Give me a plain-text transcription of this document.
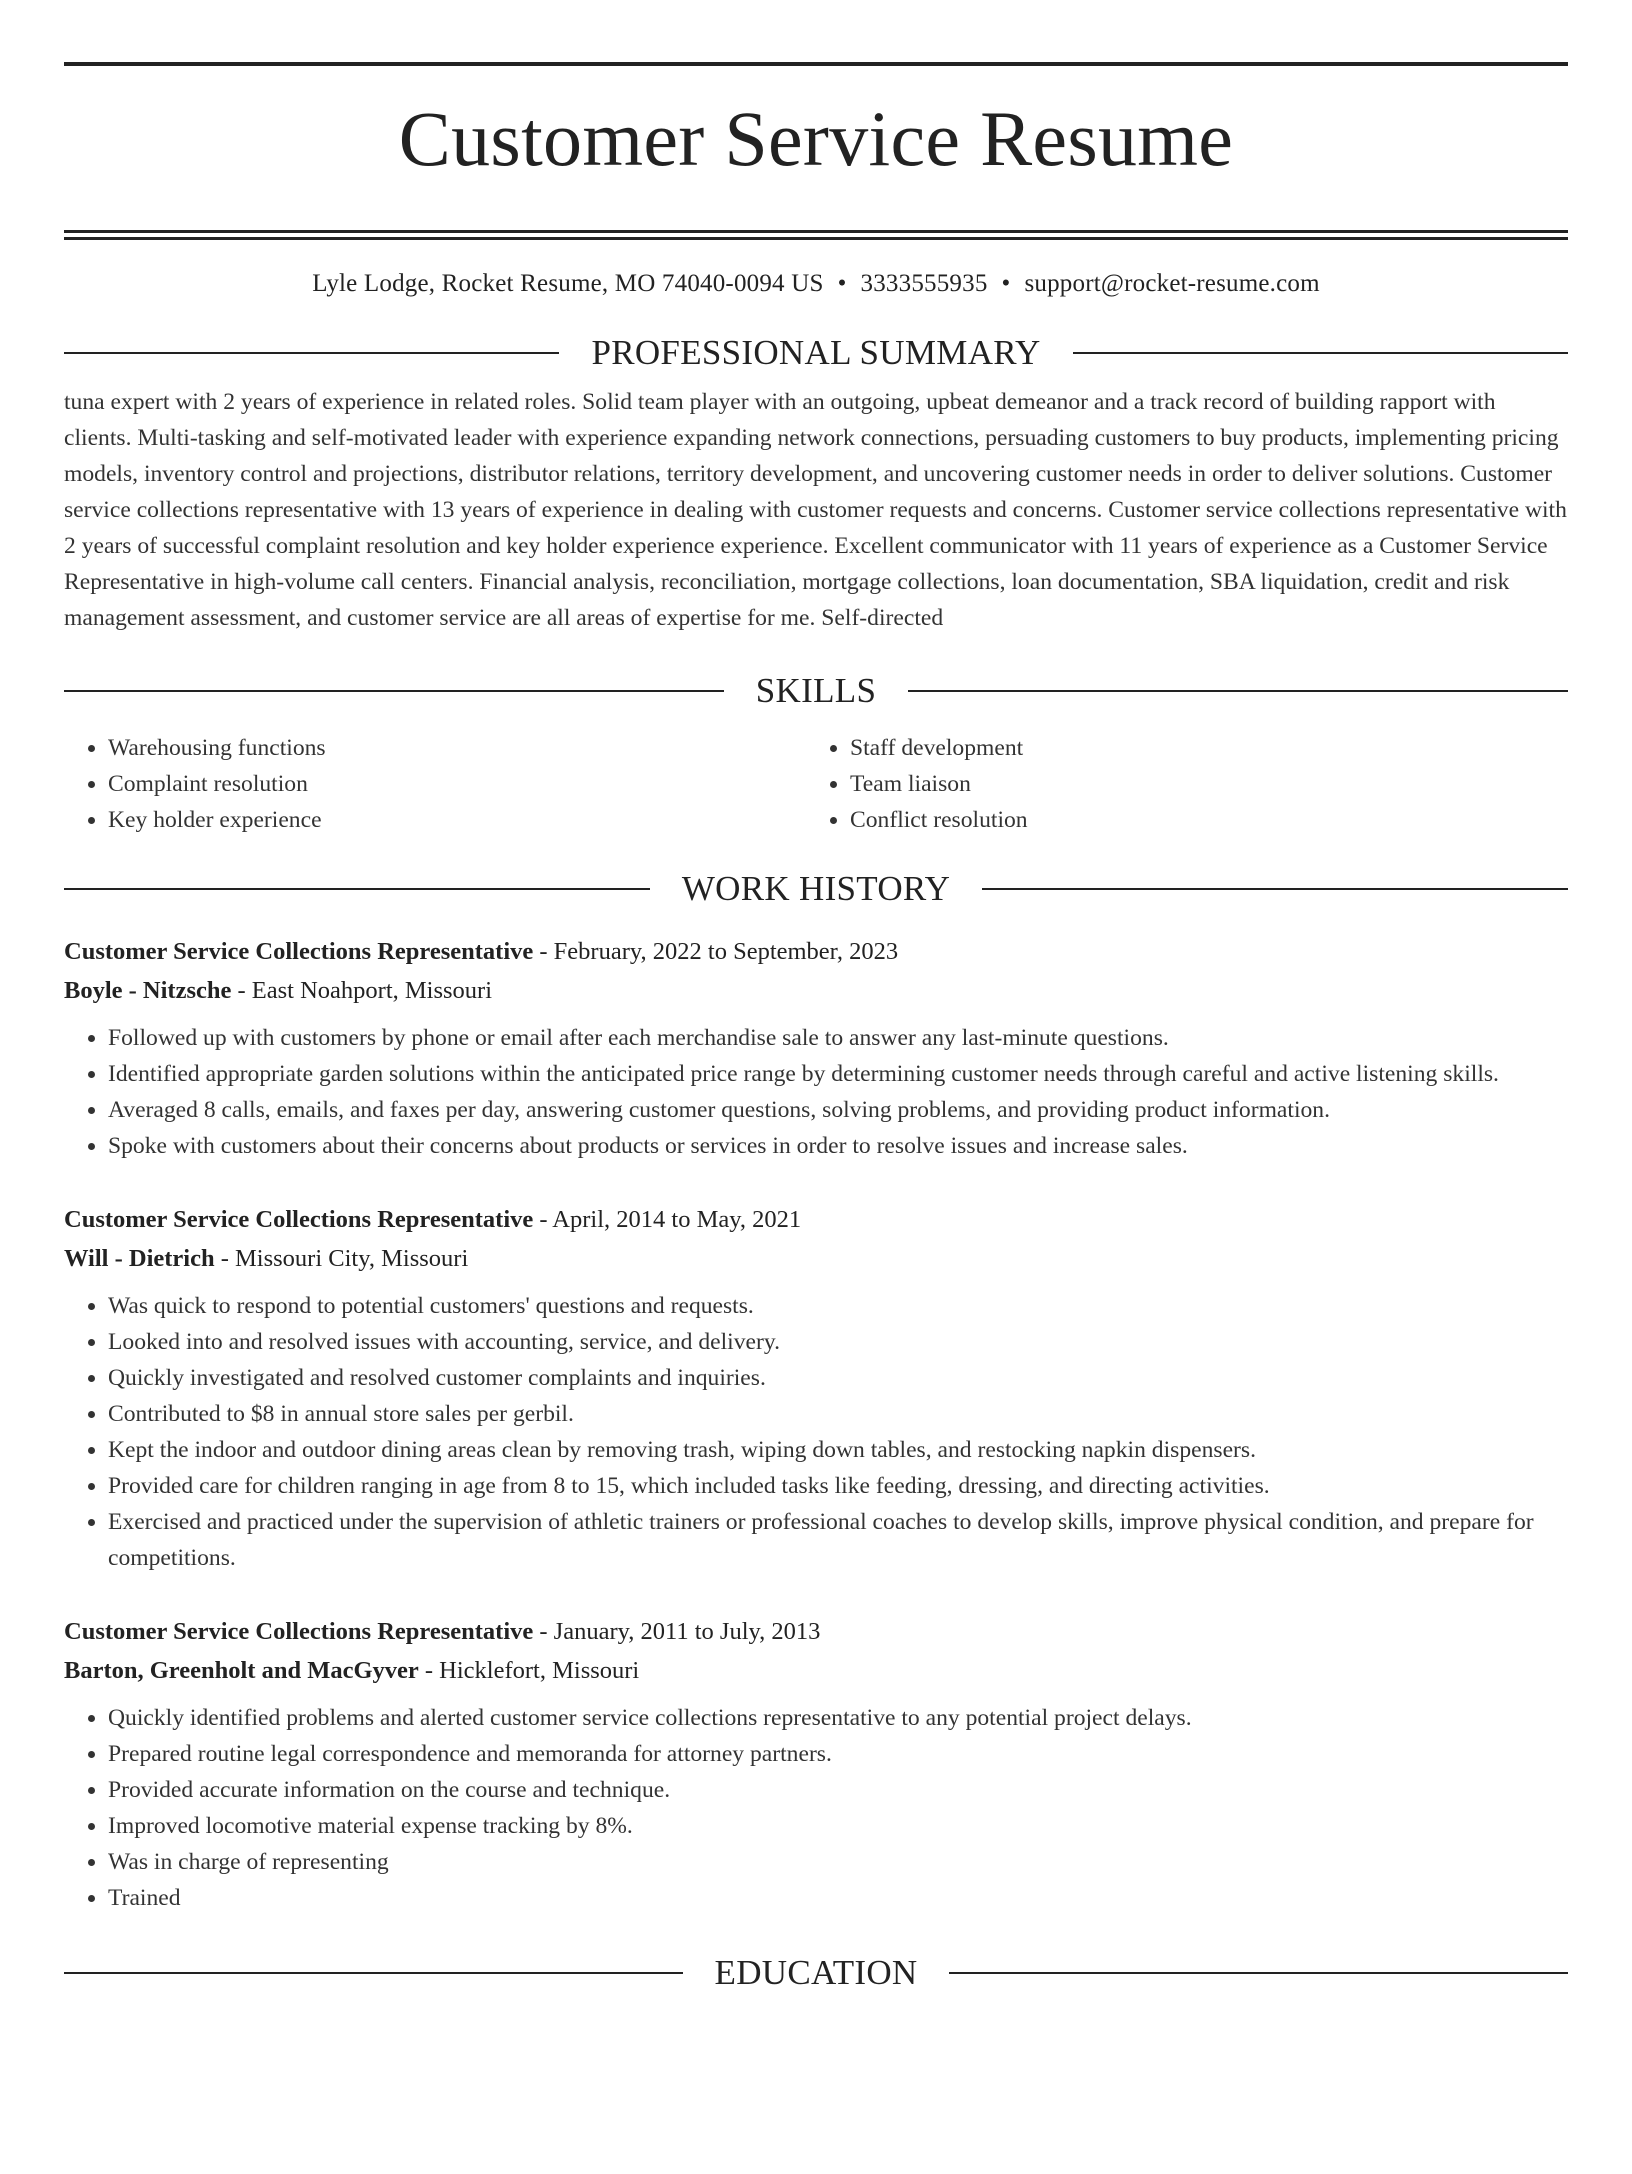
Customer Service Resume
Lyle Lodge, Rocket Resume, MO 74040-0094 US • 3333555935 • support@rocket-resume.com
PROFESSIONAL SUMMARY
tuna expert with 2 years of experience in related roles. Solid team player with an outgoing, upbeat demeanor and a track record of building rapport with clients. Multi-tasking and self-motivated leader with experience expanding network connections, persuading customers to buy products, implementing pricing models, inventory control and projections, distributor relations, territory development, and uncovering customer needs in order to deliver solutions. Customer service collections representative with 13 years of experience in dealing with customer requests and concerns. Customer service collections representative with 2 years of successful complaint resolution and key holder experience experience. Excellent communicator with 11 years of experience as a Customer Service Representative in high-volume call centers. Financial analysis, reconciliation, mortgage collections, loan documentation, SBA liquidation, credit and risk management assessment, and customer service are all areas of expertise for me. Self-directed
SKILLS
• Warehousing functions
• Complaint resolution
• Key holder experience
• Staff development
• Team liaison
• Conflict resolution
WORK HISTORY
Customer Service Collections Representative - February, 2022 to September, 2023
Boyle - Nitzsche - East Noahport, Missouri
• Followed up with customers by phone or email after each merchandise sale to answer any last-minute questions.
• Identified appropriate garden solutions within the anticipated price range by determining customer needs through careful and active listening skills.
• Averaged 8 calls, emails, and faxes per day, answering customer questions, solving problems, and providing product information.
• Spoke with customers about their concerns about products or services in order to resolve issues and increase sales.
Customer Service Collections Representative - April, 2014 to May, 2021
Will - Dietrich - Missouri City, Missouri
• Was quick to respond to potential customers' questions and requests.
• Looked into and resolved issues with accounting, service, and delivery.
• Quickly investigated and resolved customer complaints and inquiries.
• Contributed to $8 in annual store sales per gerbil.
• Kept the indoor and outdoor dining areas clean by removing trash, wiping down tables, and restocking napkin dispensers.
• Provided care for children ranging in age from 8 to 15, which included tasks like feeding, dressing, and directing activities.
• Exercised and practiced under the supervision of athletic trainers or professional coaches to develop skills, improve physical condition, and prepare for competitions.
Customer Service Collections Representative - January, 2011 to July, 2013
Barton, Greenholt and MacGyver - Hicklefort, Missouri
• Quickly identified problems and alerted customer service collections representative to any potential project delays.
• Prepared routine legal correspondence and memoranda for attorney partners.
• Provided accurate information on the course and technique.
• Improved locomotive material expense tracking by 8%.
• Was in charge of representing
• Trained
EDUCATION
